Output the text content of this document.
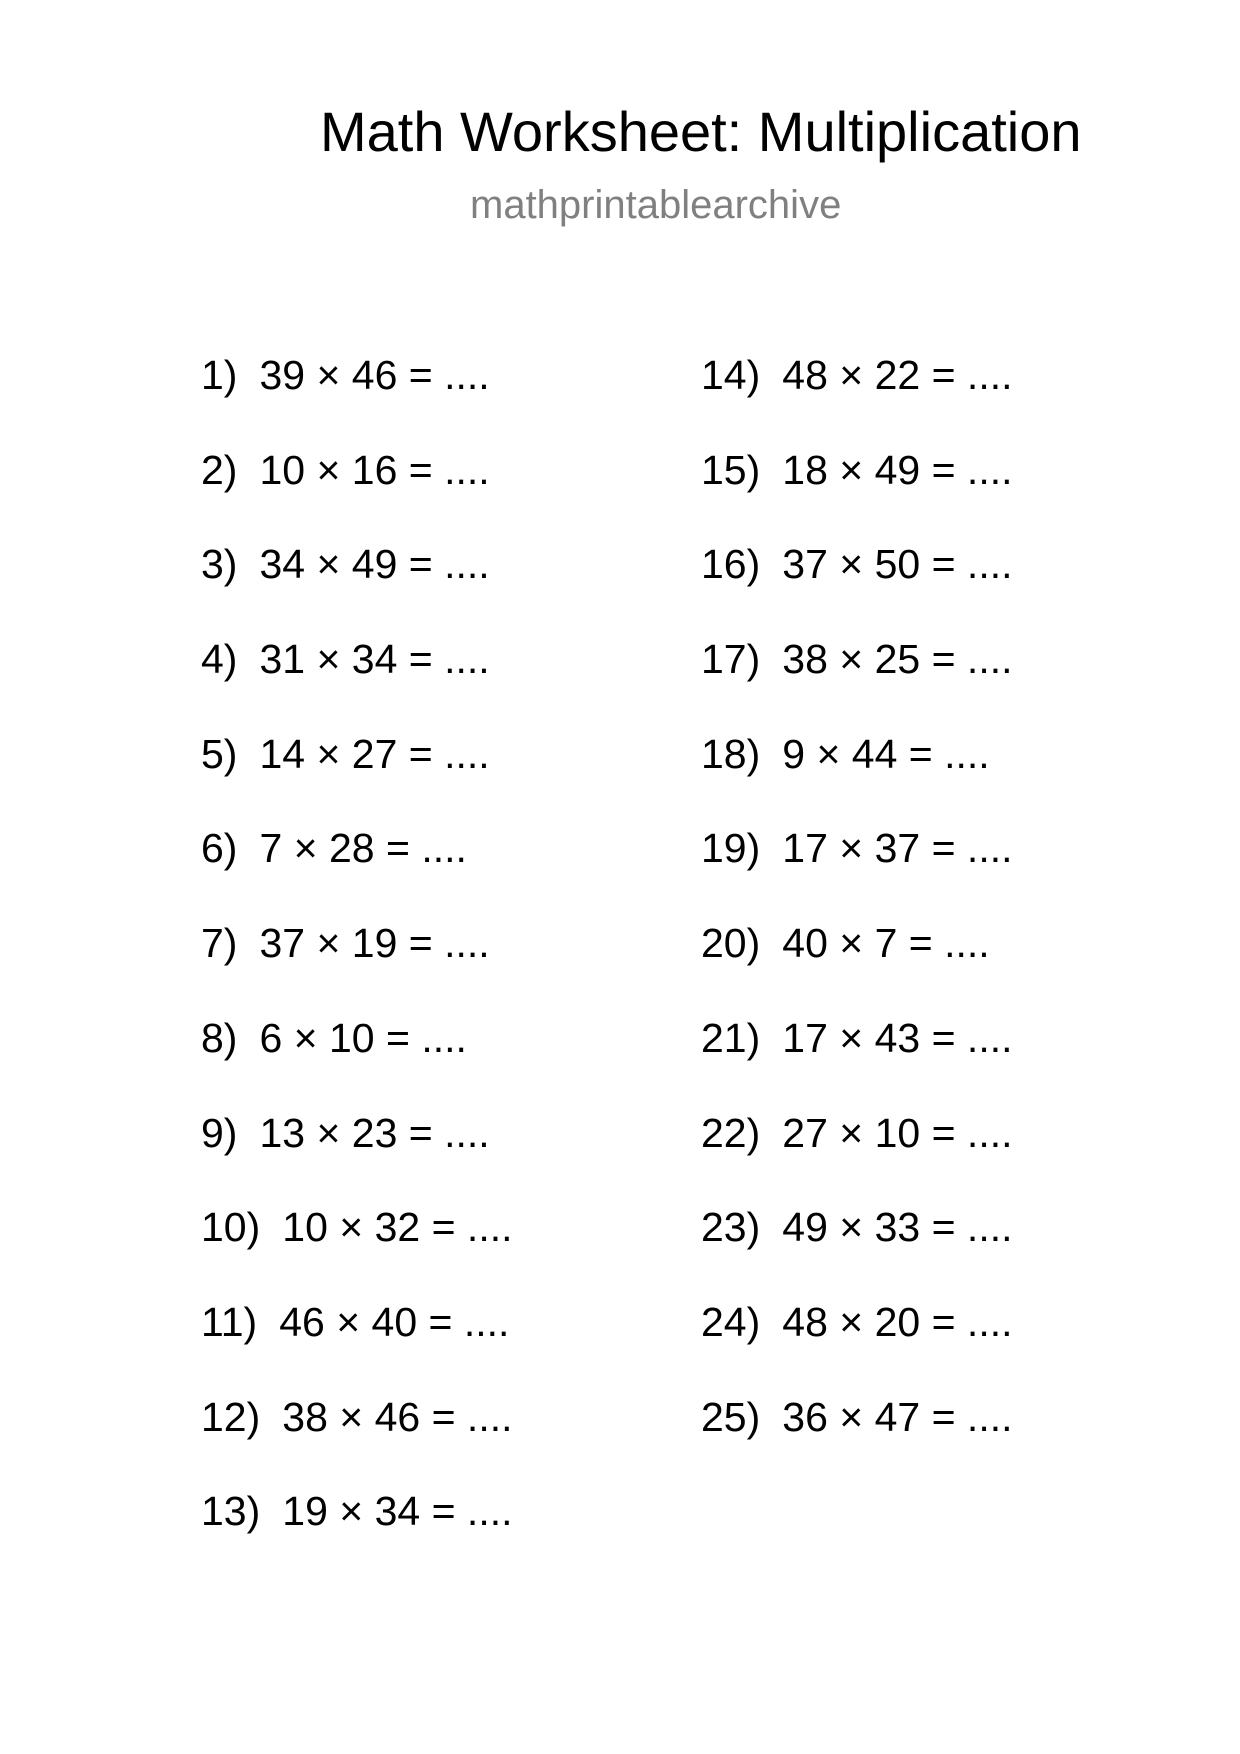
Math Worksheet: Multiplication
mathprintablearchive
1) 39 × 46 = ....
2) 10 × 16 = ....
3) 34 × 49 = ....
4) 31 × 34 = ....
5) 14 × 27 = ....
6) 7 × 28 = ....
7) 37 × 19 = ....
8) 6 × 10 = ....
9) 13 × 23 = ....
10) 10 × 32 = ....
11) 46 × 40 = ....
12) 38 × 46 = ....
13) 19 × 34 = ....
14) 48 × 22 = ....
15) 18 × 49 = ....
16) 37 × 50 = ....
17) 38 × 25 = ....
18) 9 × 44 = ....
19) 17 × 37 = ....
20) 40 × 7 = ....
21) 17 × 43 = ....
22) 27 × 10 = ....
23) 49 × 33 = ....
24) 48 × 20 = ....
25) 36 × 47 = ....
